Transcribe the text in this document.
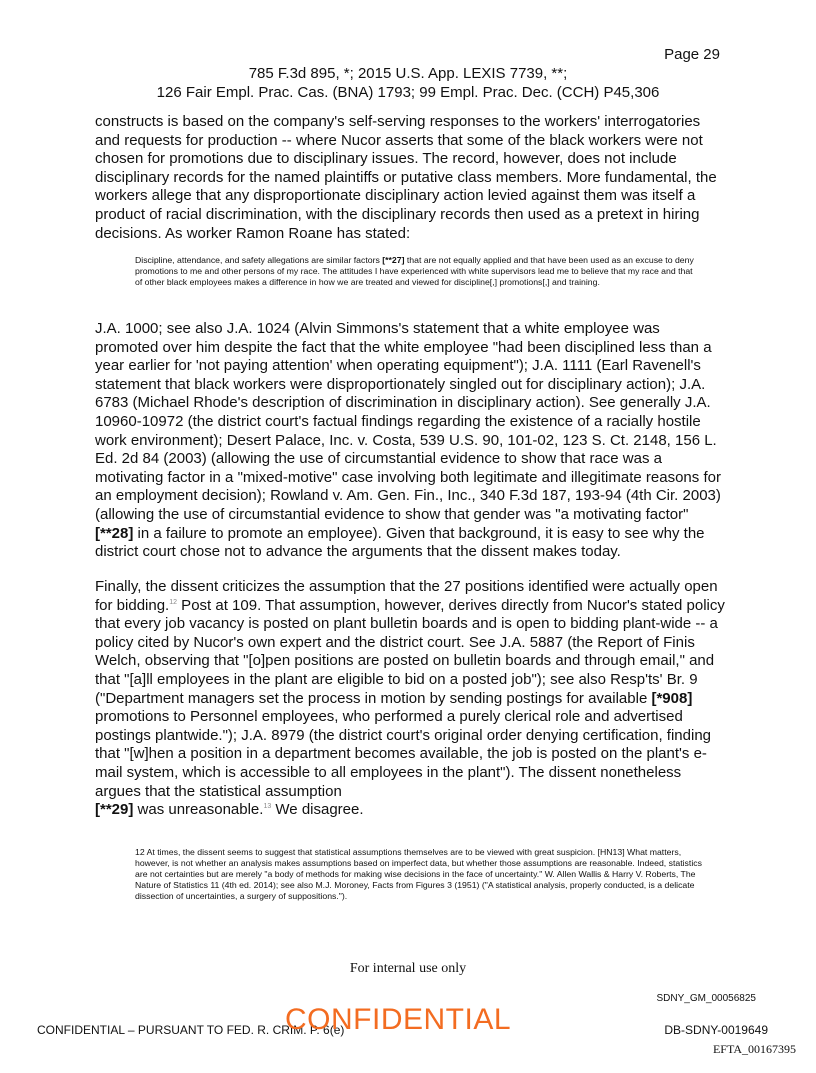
Page 29
785 F.3d 895, *; 2015 U.S. App. LEXIS 7739, **;
126 Fair Empl. Prac. Cas. (BNA) 1793; 99 Empl. Prac. Dec. (CCH) P45,306

constructs is based on the company's self-serving responses to the workers' interrogatories and requests for production -- where Nucor asserts that some of the black workers were not chosen for promotions due to disciplinary issues. The record, however, does not include disciplinary records for the named plaintiffs or putative class members. More fundamental, the workers allege that any disproportionate disciplinary action levied against them was itself a product of racial discrimination, with the disciplinary records then used as a pretext in hiring decisions. As worker Ramon Roane has stated:

Discipline, attendance, and safety allegations are similar factors [**27] that are not equally applied and that have been used as an excuse to deny promotions to me and other persons of my race. The attitudes I have experienced with white supervisors lead me to believe that my race and that of other black employees makes a difference in how we are treated and viewed for discipline[,] promotions[,] and training.
J.A. 1000; see also J.A. 1024 (Alvin Simmons's statement that a white employee was promoted over him despite the fact that the white employee "had been disciplined less than a year earlier for 'not paying attention' when operating equipment"); J.A. 1111 (Earl Ravenell's statement that black workers were disproportionately singled out for disciplinary action); J.A. 6783 (Michael Rhode's description of discrimination in disciplinary action). See generally J.A. 10960-10972 (the district court's factual findings regarding the existence of a racially hostile work environment); Desert Palace, Inc. v. Costa, 539 U.S. 90, 101-02, 123 S. Ct. 2148, 156 L. Ed. 2d 84 (2003) (allowing the use of circumstantial evidence to show that race was a motivating factor in a "mixed-motive" case involving both legitimate and illegitimate reasons for an employment decision); Rowland v. Am. Gen. Fin., Inc., 340 F.3d 187, 193-94 (4th Cir. 2003) (allowing the use of circumstantial evidence to show that gender was "a motivating factor" [**28] in a failure to promote an employee). Given that background, it is easy to see why the district court chose not to advance the arguments that the dissent makes today.
Finally, the dissent criticizes the assumption that the 27 positions identified were actually open for bidding.$^{12}$ Post at 109. That assumption, however, derives directly from Nucor's stated policy that every job vacancy is posted on plant bulletin boards and is open to bidding plant-wide -- a policy cited by Nucor's own expert and the district court. See J.A. 5887 (the Report of Finis Welch, observing that "[o]pen positions are posted on bulletin boards and through email," and that "[a]ll employees in the plant are eligible to bid on a posted job"); see also Resp'ts' Br. 9 ("Department managers set the process in motion by sending postings for available [*908] promotions to Personnel employees, who performed a purely clerical role and advertised postings plantwide."); J.A. 8979 (the district court's original order denying certification, finding that "[w]hen a position in a department becomes available, the job is posted on the plant's e-mail system, which is accessible to all employees in the plant"). The dissent nonetheless argues that the statistical assumption
[**29] was unreasonable.$^{13}$ We disagree.
12 At times, the dissent seems to suggest that statistical assumptions themselves are to be viewed with great suspicion. [HN13] What matters, however, is not whether an analysis makes assumptions based on imperfect data, but whether those assumptions are reasonable. Indeed, statistics are not certainties but are merely "a body of methods for making wise decisions in the face of uncertainty." W. Allen Wallis & Harry V. Roberts, The Nature of Statistics 11 (4th ed. 2014); see also M.J. Moroney, Facts from Figures 3 (1951) ("A statistical analysis, properly conducted, is a delicate dissection of uncertainties, a surgery of suppositions.").
For internal use only
SDNY_GM_00056825
CONFIDENTIAL – PURSUANT TO FED. R. CRIM. P. 6(e)
CONFIDENTIAL	DB-SDNY-0019649
EFTA_00167395
